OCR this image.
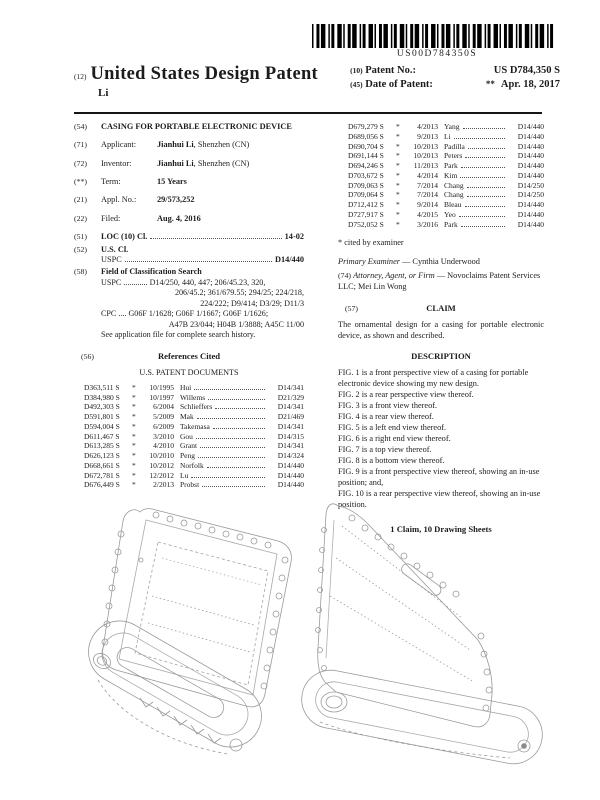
US00D784350S
(12) United States Design Patent
Li
(10) Patent No.:	US D784,350 S
(45) Date of Patent:	** Apr. 18, 2017
(54)	CASING FOR PORTABLE ELECTRONIC DEVICE
(71)	Applicant:	Jianhui Li, Shenzhen (CN)
(72)	Inventor:	Jianhui Li, Shenzhen (CN)
(**)	Term:	15 Years
(21)	Appl. No.: 29/573,252
(22)	Filed:	Aug. 4, 2016
(51)	LOC (10) Cl.	14-02
(52)	U.S. Cl.
USPC	D14/440
(58)	Field of Classification Search
USPC ............ D14/250, 440, 447; 206/45.23, 320,
206/45.2; 361/679.55; 294/25; 224/218,
224/222; D9/414; D3/29; D11/3
CPC .... G06F 1/1628; G06F 1/1667; G06F 1/1626;
A47B 23/044; H04B 1/3888; A45C 11/00
See application file for complete search history.
(56)	References Cited
U.S. PATENT DOCUMENTS
D363,511 S	*	10/1995 Hui	D14/341
D384,980 S	*	10/1997 Willems	D21/329
D492,303 S	*	6/2004 Schlieffers	D14/341
D591,801 S	*	5/2009 Mak	D21/469
D594,004 S	*	6/2009 Takemasa	D14/341
D611,467 S	*	3/2010 Gou	D14/315
D613,285 S	*	4/2010 Grant	D14/341
D626,123 S	*	10/2010 Peng	D14/324
D668,661 S	*	10/2012 Norfolk	D14/440
D672,781 S	*	12/2012 Lu	D14/440
D676,449 S	*	2/2013 Probst	D14/440
D679,279 S	*	4/2013 Yang	D14/440
D689,056 S	*	9/2013 Li	D14/440
D690,704 S	*	10/2013 Padilla	D14/440
D691,144 S	*	10/2013 Peters	D14/440
D694,246 S	*	11/2013 Park	D14/440
D703,672 S	*	4/2014 Kim	D14/440
D709,063 S	*	7/2014 Chang	D14/250
D709,064 S	*	7/2014 Chang	D14/250
D712,412 S	*	9/2014 Bleau	D14/440
D727,917 S	*	4/2015 Yeo	D14/440
D752,052 S	*	3/2016 Park	D14/440
* cited by examiner
Primary Examiner — Cynthia Underwood
(74) Attorney, Agent, or Firm — Novoclaims Patent Services LLC; Mei Lin Wong
(57)	CLAIM
The ornamental design for a casing for portable electronic device, as shown and described.
DESCRIPTION
FIG. 1 is a front perspective view of a casing for portable electronic device showing my new design.
FIG. 2 is a rear perspective view thereof.
FIG. 3 is a front view thereof.
FIG. 4 is a rear view thereof.
FIG. 5 is a left end view thereof.
FIG. 6 is a right end view thereof.
FIG. 7 is a top view thereof.
FIG. 8 is a bottom view thereof.
FIG. 9 is a front perspective view thereof, showing an in-use position; and,
FIG. 10 is a rear perspective view thereof, showing an in-use position.
1 Claim, 10 Drawing Sheets
